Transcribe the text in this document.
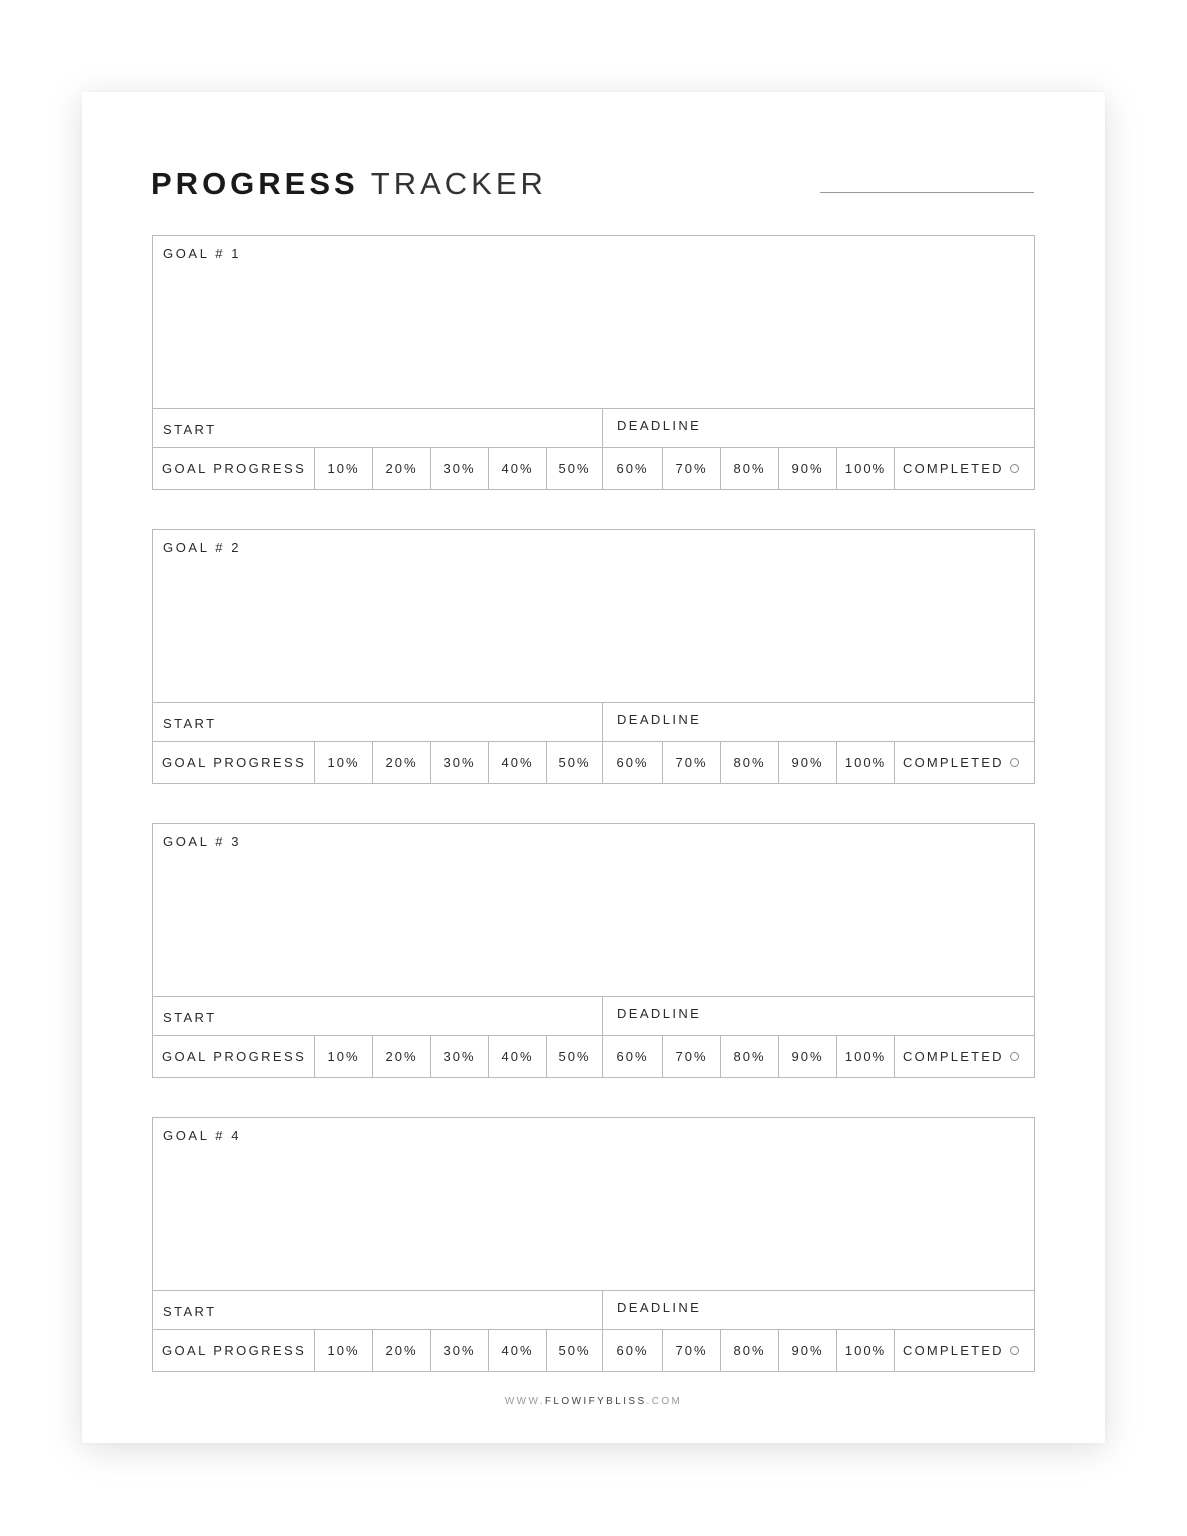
PROGRESS TRACKER
GOAL # 1
START	DEADLINE
GOAL PROGRESS	10%	20%	30%	40%	50%	60%	70%	80%	90%	100%	COMPLETED
GOAL # 2
START	DEADLINE
GOAL PROGRESS	10%	20%	30%	40%	50%	60%	70%	80%	90%	100%	COMPLETED
GOAL # 3
START	DEADLINE
GOAL PROGRESS	10%	20%	30%	40%	50%	60%	70%	80%	90%	100%	COMPLETED
GOAL # 4
START	DEADLINE
GOAL PROGRESS	10%	20%	30%	40%	50%	60%	70%	80%	90%	100%	COMPLETED
WWW.FLOWIFYBLISS.COM
